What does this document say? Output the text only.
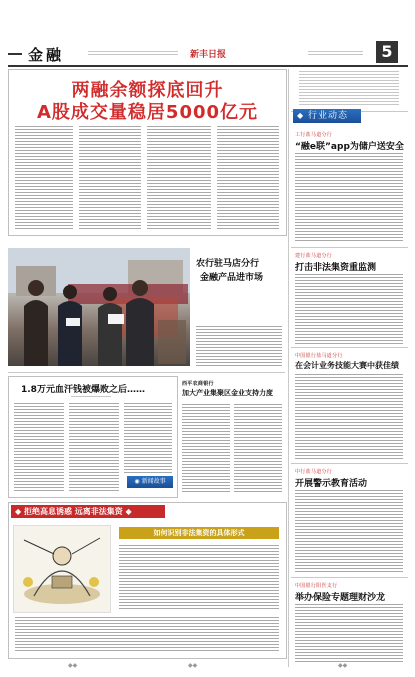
金融	新丰日报	5
两融余额探底回升
A股成交量稳居5000亿元	◆ 行业动态
工行盐马道分行
“融e联”app为储户送安全
建行盐马道分行
打击非法集资重监测
中国银行盐马道分行
在会计业务技能大赛中获佳绩
中行盐马道分行
开展警示教育活动
中国银行阳医支行
举办保险专题理财沙龙
农行驻马店分行
金融产品进市场
1.8万元血汗钱被爆败之后……
◉ 新闻故事
西平农商银行
加大产业集聚区金业支持力度
◆ 拒绝高息诱惑 远离非法集资 ◆
如何识别非法集资的具体形式
◆◆	◆◆	◆◆
